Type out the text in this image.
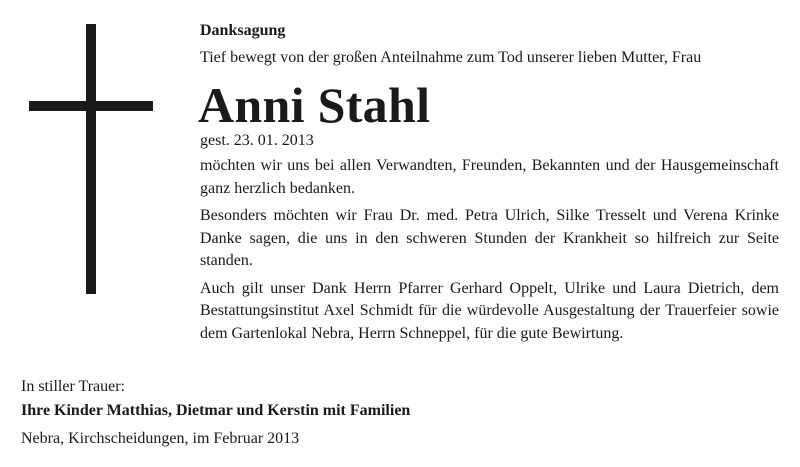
Danksagung
Tief bewegt von der großen Anteilnahme zum Tod unserer lieben Mutter, Frau
Anni Stahl
gest. 23. 01. 2013

möchten wir uns bei allen Verwandten, Freunden, Bekannten und der Hausgemeinschaft ganz herzlich bedanken.

Besonders möchten wir Frau Dr. med. Petra Ulrich, Silke Tresselt und Verena Krinke Danke sagen, die uns in den schweren Stunden der Krankheit so hilfreich zur Seite standen.

Auch gilt unser Dank Herrn Pfarrer Gerhard Oppelt, Ulrike und Laura Dietrich, dem Bestattungsinstitut Axel Schmidt für die würdevolle Ausgestaltung der Trauerfeier sowie dem Gartenlokal Nebra, Herrn Schneppel, für die gute Bewirtung.

In stiller Trauer:
Ihre Kinder Matthias, Dietmar und Kerstin mit Familien
Nebra, Kirchscheidungen, im Februar 2013
